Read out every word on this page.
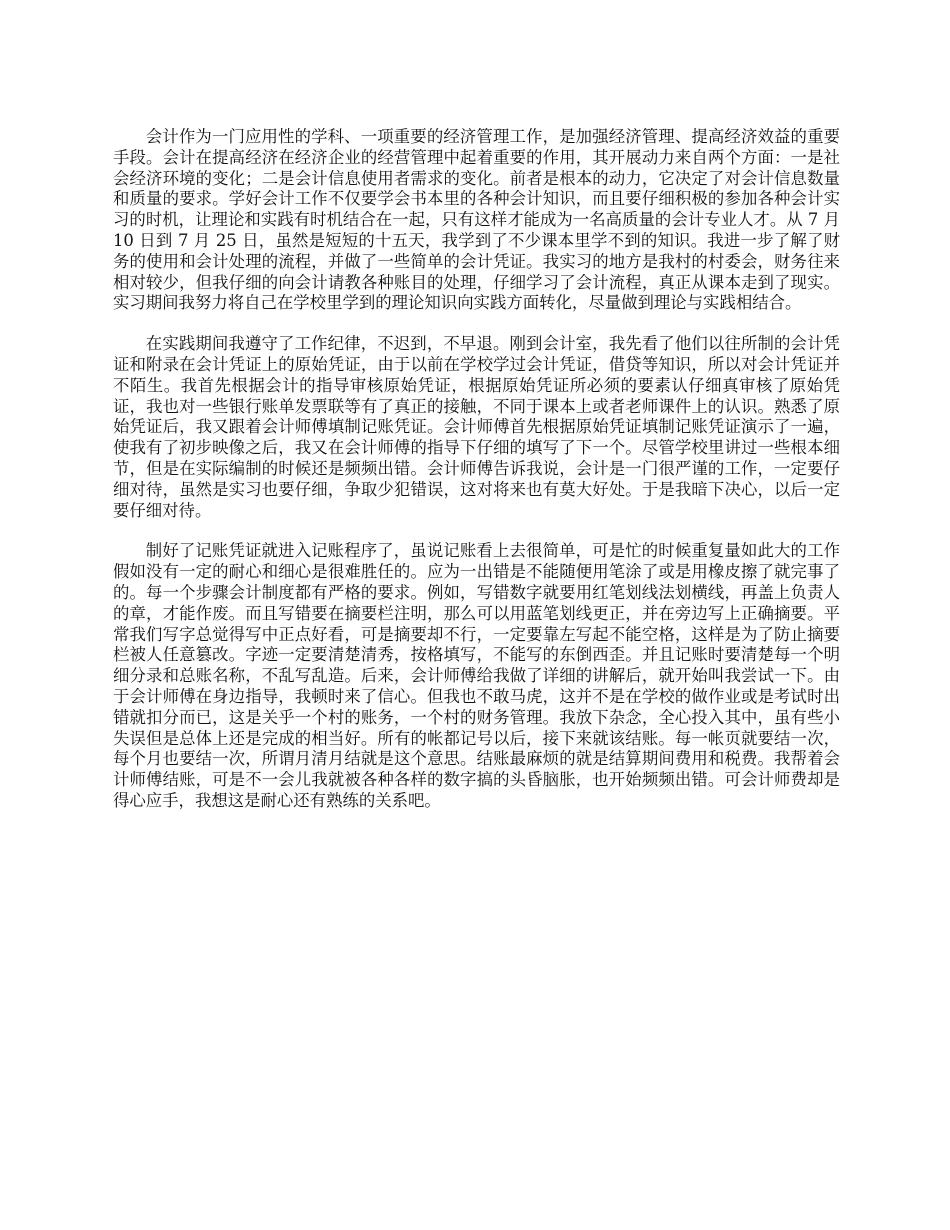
会计作为一门应用性的学科、一项重要的经济管理工作，是加强经济管理、提高经济效益的重要手段。会计在提高经济在经济企业的经营管理中起着重要的作用，其开展动力来自两个方面：一是社会经济环境的变化；二是会计信息使用者需求的变化。前者是根本的动力，它决定了对会计信息数量和质量的要求。学好会计工作不仅要学会书本里的各种会计知识，而且要仔细积极的参加各种会计实习的时机，让理论和实践有时机结合在一起，只有这样才能成为一名高质量的会计专业人才。从 7 月 10 日到 7 月 25 日，虽然是短短的十五天，我学到了不少课本里学不到的知识。我进一步了解了财务的使用和会计处理的流程，并做了一些简单的会计凭证。我实习的地方是我村的村委会，财务往来相对较少，但我仔细的向会计请教各种账目的处理，仔细学习了会计流程，真正从课本走到了现实。实习期间我努力将自己在学校里学到的理论知识向实践方面转化，尽量做到理论与实践相结合。

在实践期间我遵守了工作纪律，不迟到，不早退。刚到会计室，我先看了他们以往所制的会计凭证和附录在会计凭证上的原始凭证，由于以前在学校学过会计凭证，借贷等知识，所以对会计凭证并不陌生。我首先根据会计的指导审核原始凭证，根据原始凭证所必须的要素认仔细真审核了原始凭证，我也对一些银行账单发票联等有了真正的接触，不同于课本上或者老师课件上的认识。熟悉了原始凭证后，我又跟着会计师傅填制记账凭证。会计师傅首先根据原始凭证填制记账凭证演示了一遍，使我有了初步映像之后，我又在会计师傅的指导下仔细的填写了下一个。尽管学校里讲过一些根本细节，但是在实际编制的时候还是频频出错。会计师傅告诉我说，会计是一门很严谨的工作，一定要仔细对待，虽然是实习也要仔细，争取少犯错误，这对将来也有莫大好处。于是我暗下决心，以后一定要仔细对待。

制好了记账凭证就进入记账程序了，虽说记账看上去很简单，可是忙的时候重复量如此大的工作假如没有一定的耐心和细心是很难胜任的。应为一出错是不能随便用笔涂了或是用橡皮擦了就完事了的。每一个步骤会计制度都有严格的要求。例如，写错数字就要用红笔划线法划横线，再盖上负责人的章，才能作废。而且写错要在摘要栏注明，那么可以用蓝笔划线更正，并在旁边写上正确摘要。平常我们写字总觉得写中正点好看，可是摘要却不行，一定要靠左写起不能空格，这样是为了防止摘要栏被人任意篡改。字迹一定要清楚清秀，按格填写，不能写的东倒西歪。并且记账时要清楚每一个明细分录和总账名称，不乱写乱造。后来，会计师傅给我做了详细的讲解后，就开始叫我尝试一下。由于会计师傅在身边指导，我顿时来了信心。但我也不敢马虎，这并不是在学校的做作业或是考试时出错就扣分而已，这是关乎一个村的账务，一个村的财务管理。我放下杂念，全心投入其中，虽有些小失误但是总体上还是完成的相当好。所有的帐都记号以后，接下来就该结账。每一帐页就要结一次，每个月也要结一次，所谓月清月结就是这个意思。结账最麻烦的就是结算期间费用和税费。我帮着会计师傅结账，可是不一会儿我就被各种各样的数字搞的头昏脑胀，也开始频频出错。可会计师费却是得心应手，我想这是耐心还有熟练的关系吧。
